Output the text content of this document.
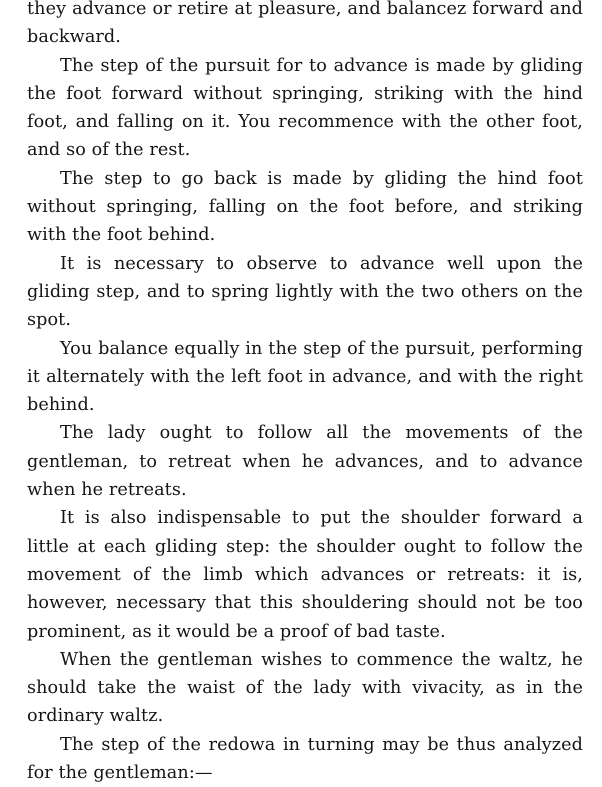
they advance or retire at pleasure, and balancez forward and backward.

The step of the pursuit for to advance is made by gliding the foot forward without springing, striking with the hind foot, and falling on it. You recommence with the other foot, and so of the rest.

The step to go back is made by gliding the hind foot without springing, falling on the foot before, and striking with the foot behind.

It is necessary to observe to advance well upon the gliding step, and to spring lightly with the two others on the spot.

You balance equally in the step of the pursuit, performing it alternately with the left foot in advance, and with the right behind.

The lady ought to follow all the movements of the gentleman, to retreat when he advances, and to advance when he retreats.

It is also indispensable to put the shoulder forward a little at each gliding step: the shoulder ought to follow the movement of the limb which advances or retreats: it is, however, necessary that this shouldering should not be too prominent, as it would be a proof of bad taste.

When the gentleman wishes to commence the waltz, he should take the waist of the lady with vivacity, as in the ordinary waltz.

The step of the redowa in turning may be thus analyzed for the gentleman:—
